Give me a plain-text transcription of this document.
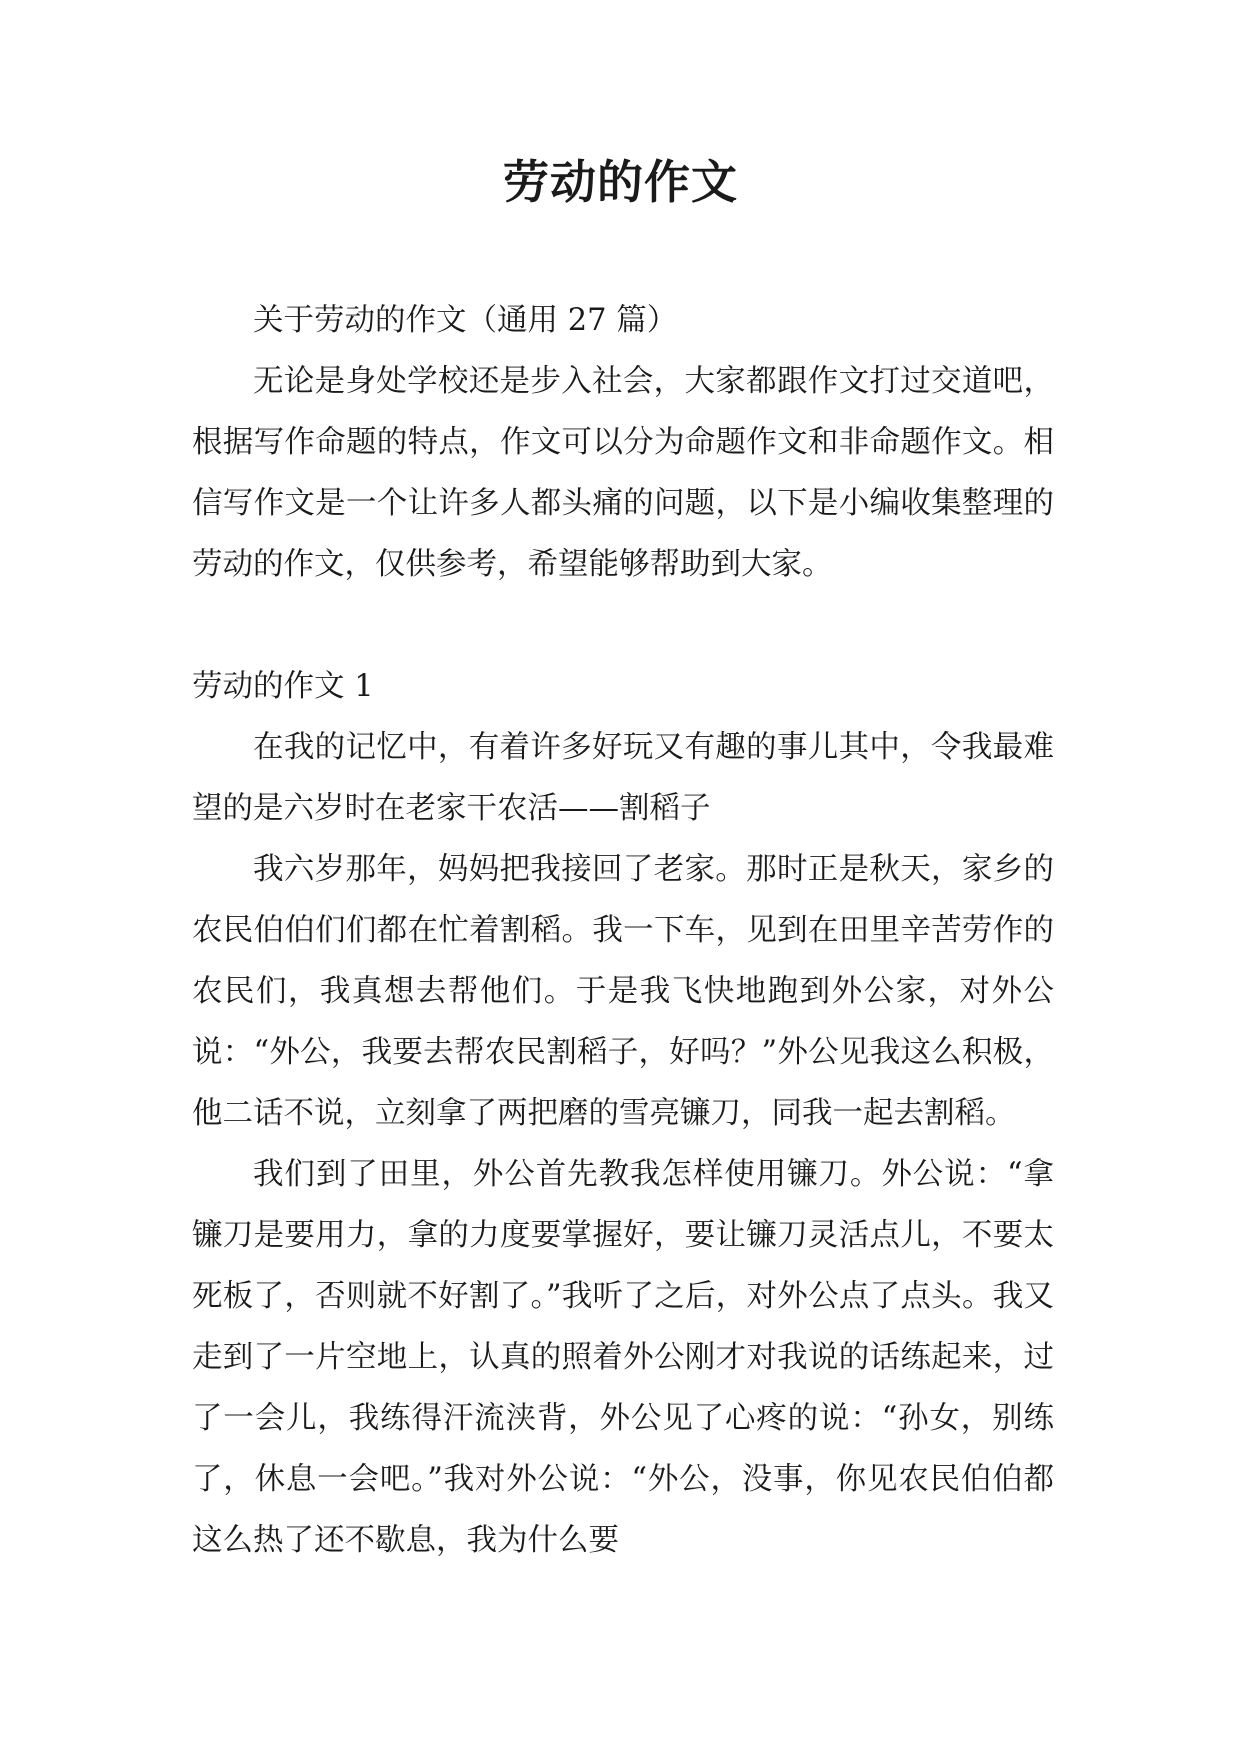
劳动的作文

关于劳动的作文（通用 27 篇）

无论是身处学校还是步入社会，大家都跟作文打过交道吧，根据写作命题的特点，作文可以分为命题作文和非命题作文。相信写作文是一个让许多人都头痛的问题，以下是小编收集整理的劳动的作文，仅供参考，希望能够帮助到大家。

劳动的作文 1

在我的记忆中，有着许多好玩又有趣的事儿其中，令我最难望的是六岁时在老家干农活——割稻子

我六岁那年，妈妈把我接回了老家。那时正是秋天，家乡的农民伯伯们们都在忙着割稻。我一下车，见到在田里辛苦劳作的农民们，我真想去帮他们。于是我飞快地跑到外公家，对外公说：“外公，我要去帮农民割稻子，好吗？”外公见我这么积极，他二话不说，立刻拿了两把磨的雪亮镰刀，同我一起去割稻。

我们到了田里，外公首先教我怎样使用镰刀。外公说：“拿镰刀是要用力，拿的力度要掌握好，要让镰刀灵活点儿，不要太死板了，否则就不好割了。”我听了之后，对外公点了点头。我又走到了一片空地上，认真的照着外公刚才对我说的话练起来，过了一会儿，我练得汗流浃背，外公见了心疼的说：“孙女，别练了，休息一会吧。”我对外公说：“外公，没事，你见农民伯伯都这么热了还不歇息，我为什么要
